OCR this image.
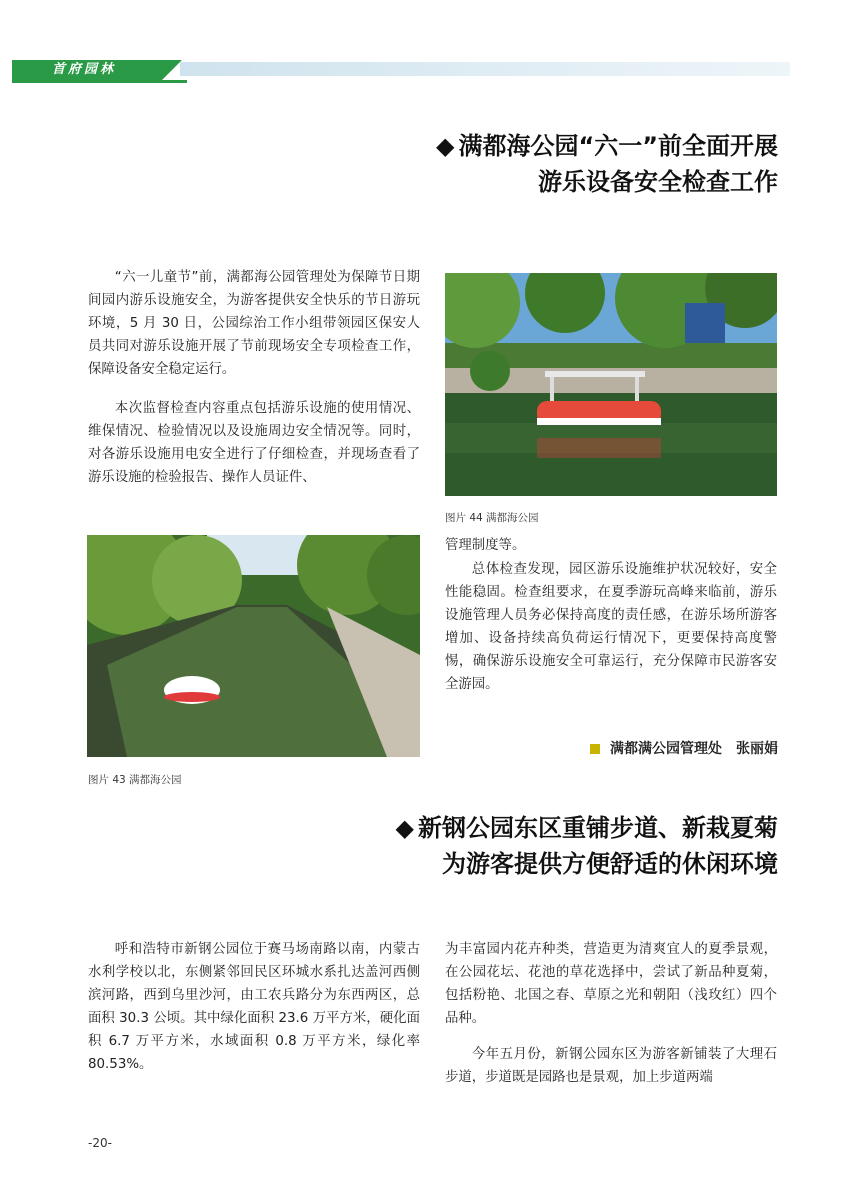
首府园林
◆ 满都海公园“六一”前全面开展
游乐设备安全检查工作

“六一儿童节”前，满都海公园管理处为保障节日期间园内游乐设施安全，为游客提供安全快乐的节日游玩环境，5 月 30 日，公园综治工作小组带领园区保安人员共同对游乐设施开展了节前现场安全专项检查工作，保障设备安全稳定运行。

本次监督检查内容重点包括游乐设施的使用情况、维保情况、检验情况以及设施周边安全情况等。同时，对各游乐设施用电安全进行了仔细检查，并现场查看了游乐设施的检验报告、操作人员证件、

图片 44 满都海公园
图片 43 满都海公园

管理制度等。

总体检查发现，园区游乐设施维护状况较好，安全性能稳固。检查组要求，在夏季游玩高峰来临前，游乐设施管理人员务必保持高度的责任感，在游乐场所游客增加、设备持续高负荷运行情况下，更要保持高度警惕，确保游乐设施安全可靠运行，充分保障市民游客安全游园。

满都满公园管理处　张丽娟
◆ 新钢公园东区重铺步道、新栽夏菊
为游客提供方便舒适的休闲环境

呼和浩特市新钢公园位于赛马场南路以南，内蒙古水利学校以北，东侧紧邻回民区环城水系扎达盖河西侧滨河路，西到乌里沙河，由工农兵路分为东西两区，总面积 30.3 公顷。其中绿化面积 23.6 万平方米，硬化面积 6.7 万平方米，水域面积 0.8 万平方米，绿化率 80.53%。

为丰富园内花卉种类，营造更为清爽宜人的夏季景观，在公园花坛、花池的草花选择中，尝试了新品种夏菊，包括粉艳、北国之春、草原之光和朝阳（浅玫红）四个品种。

今年五月份，新钢公园东区为游客新铺装了大理石步道，步道既是园路也是景观，加上步道两端

-20-
